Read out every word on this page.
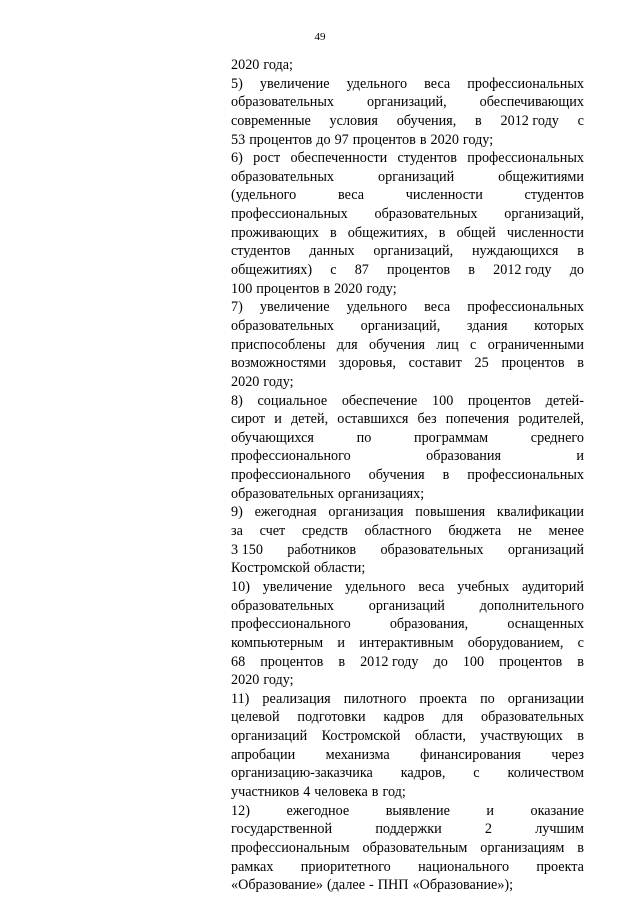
49
2020 года;
5) увеличение удельного веса профессиональных
образовательных организаций, обеспечивающих
современные условия обучения, в 2012 году с
53 процентов до 97 процентов в 2020 году;
6) рост обеспеченности студентов профессиональных
образовательных	организаций	общежитиями
(удельного	веса	численности	студентов
профессиональных образовательных организаций,
проживающих в общежитиях, в общей численности
студентов данных организаций, нуждающихся в
общежитиях) с 87 процентов в 2012 году до
100 процентов в 2020 году;
7) увеличение удельного веса профессиональных
образовательных организаций, здания которых
приспособлены для обучения лиц с ограниченными
возможностями здоровья, составит 25 процентов в
2020 году;
8) социальное обеспечение 100 процентов детей-
сирот и детей, оставшихся без попечения родителей,
обучающихся	по	программам	среднего
профессионального	образования	и
профессионального обучения в профессиональных
образовательных организациях;
9) ежегодная организация повышения квалификации
за счет средств областного бюджета не менее
3 150 работников образовательных организаций
Костромской области;
10) увеличение удельного веса учебных аудиторий
образовательных организаций дополнительного
профессионального	образования,	оснащенных
компьютерным и интерактивным оборудованием, с
68 процентов в 2012 году до 100 процентов в
2020 году;
11) реализация пилотного проекта по организации
целевой подготовки кадров для образовательных
организаций Костромской области, участвующих в
апробации механизма финансирования через
организацию-заказчика кадров, с количеством
участников 4 человека в год;
12)	ежегодное	выявление	и	оказание
государственной	поддержки	2	лучшим
профессиональным образовательным организациям в
рамках приоритетного национального проекта
«Образование» (далее - ПНП «Образование»);
